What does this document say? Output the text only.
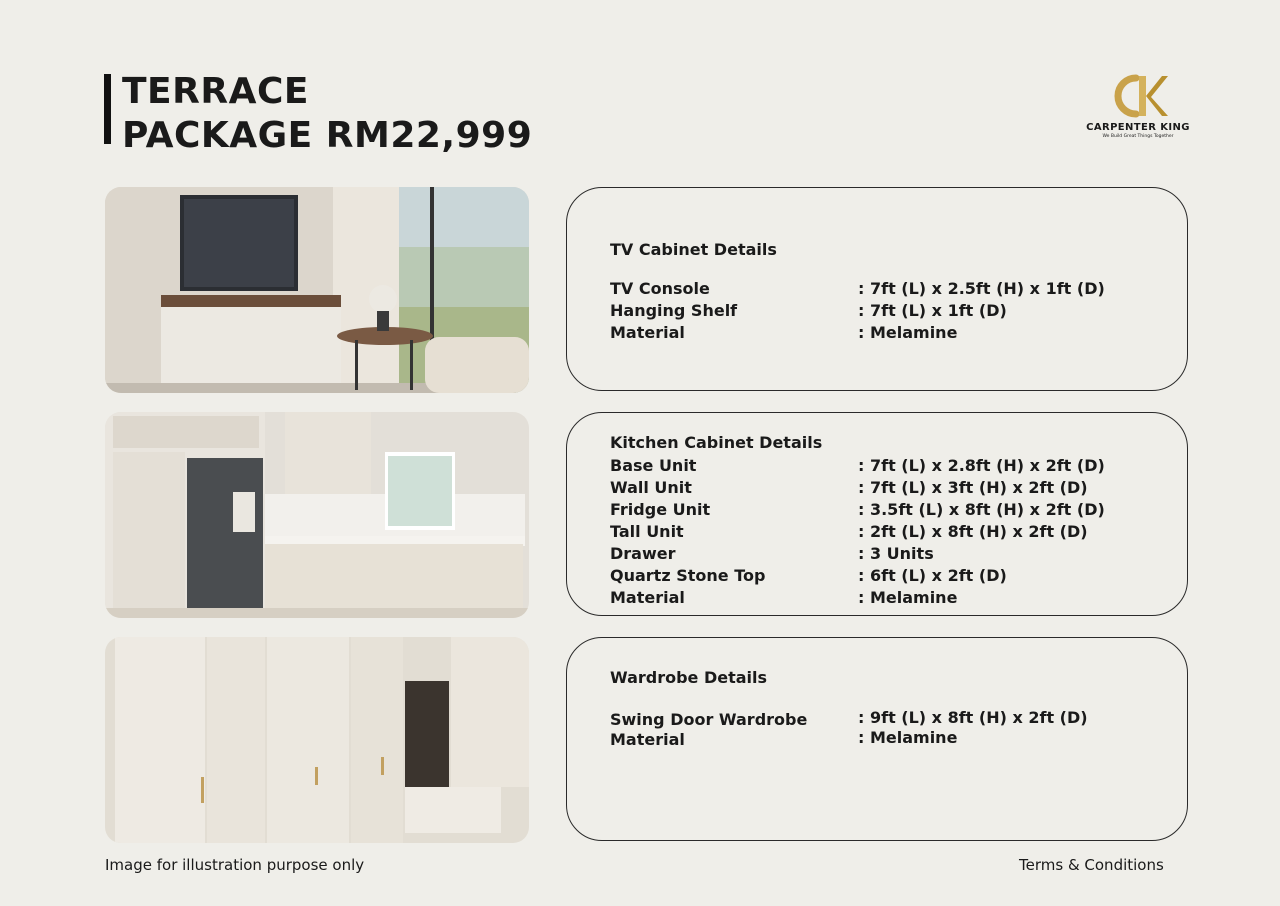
TERRACE
PACKAGE RM22,999	CARPENTER KING
We Build Great Things Together
TV Cabinet Details
TV Console	: 7ft (L) x 2.5ft (H) x 1ft (D)
Hanging Shelf	: 7ft (L) x 1ft (D)
Material	: Melamine
Kitchen Cabinet Details
Base Unit	: 7ft (L) x 2.8ft (H) x 2ft (D)
Wall Unit	: 7ft (L) x 3ft (H) x 2ft (D)
Fridge Unit	: 3.5ft (L) x 8ft (H) x 2ft (D)
Tall Unit	: 2ft (L) x 8ft (H) x 2ft (D)
Drawer	: 3 Units
Quartz Stone Top	: 6ft (L) x 2ft (D)
Material	: Melamine
Wardrobe Details
Swing Door Wardrobe	: 9ft (L) x 8ft (H) x 2ft (D)
Material	: Melamine
Image for illustration purpose only	Terms & Conditions
